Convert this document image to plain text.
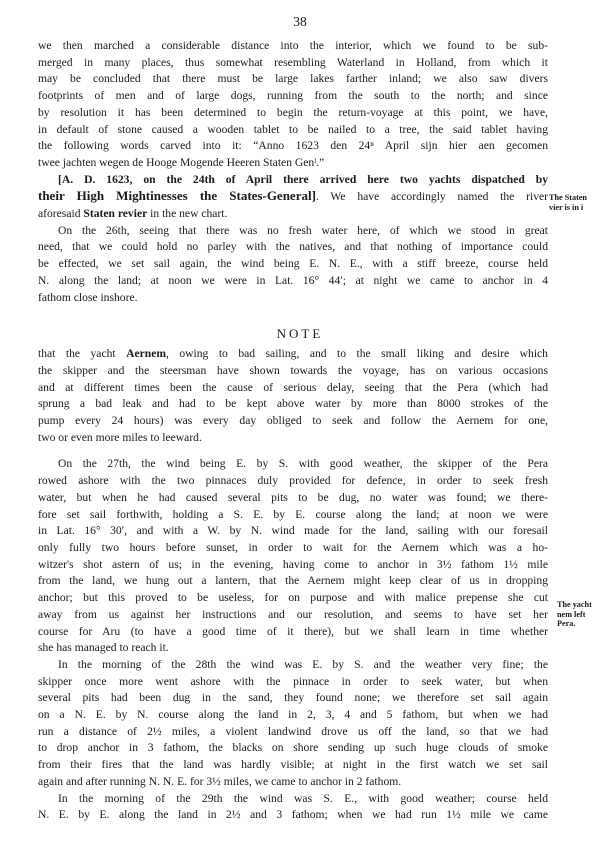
38

we then marched a considerable distance into the interior, which we found to be sub-

merged in many places, thus somewhat resembling Waterland in Holland, from which it

may be concluded that there must be large lakes farther inland; we also saw divers

footprints of men and of large dogs, running from the south to the north; and since

by resolution it has been determined to begin the return-voyage at this point, we have,

in default of stone caused a wooden tablet to be nailed to a tree, the said tablet having

the following words carved into it: “Anno 1623 den 24ⁿ April sijn hier aen gecomen

twee jachten wegen de Hooge Mogende Heeren Staten Genˡ.”

[A. D. 1623, on the 24th of April there arrived here two yachts dispatched by

their High Mightinesses the States-General]. We have accordingly named the river

aforesaid Staten revier in the new chart.

On the 26th, seeing that there was no fresh water here, of which we stood in great

need, that we could hold no parley with the natives, and that nothing of importance could

be effected, we set sail again, the wind being E. N. E., with a stiff breeze, course held

N. along the land; at noon we were in Lat. 16° 44′; at night we came to anchor in 4

fathom close inshore.

that the yacht Aernem, owing to bad sailing, and to the small liking and desire which

the skipper and the steersman have shown towards the voyage, has on various occasions

and at different times been the cause of serious delay, seeing that the Pera (which had

sprung a bad leak and had to be kept above water by more than 8000 strokes of the

pump every 24 hours) was every day obliged to seek and follow the Aernem for one,

two or even more miles to leeward.

On the 27th, the wind being E. by S. with good weather, the skipper of the Pera

rowed ashore with the two pinnaces duly provided for defence, in order to seek fresh

water, but when he had caused several pits to be dug, no water was found; we there-

fore set sail forthwith, holding a S. E. by E. course along the land; at noon we were

in Lat. 16° 30′, and with a W. by N. wind made for the land, sailing with our foresail

only fully two hours before sunset, in order to wait for the Aernem which was a ho-

witzer's shot astern of us; in the evening, having come to anchor in 3½ fathom 1½ mile

from the land, we hung out a lantern, that the Aernem might keep clear of us in dropping

anchor; but this proved to be useless, for on purpose and with malice prepense she cut

away from us against her instructions and our resolution, and seems to have set her

course for Aru (to have a good time of it there), but we shall learn in time whether

she has managed to reach it.

In the morning of the 28th the wind was E. by S. and the weather very fine; the

skipper once more went ashore with the pinnace in order to seek water, but when

several pits had been dug in the sand, they found none; we therefore set sail again

on a N. E. by N. course along the land in 2, 3, 4 and 5 fathom, but when we had

run a distance of 2½ miles, a violent landwind drove us off the land, so that we had

to drop anchor in 3 fathom, the blacks on shore sending up such huge clouds of smoke

from their fires that the land was hardly visible; at night in the first watch we set sail

again and after running N. N. E. for 3½ miles, we came to anchor in 2 fathom.

In the morning of the 29th the wind was S. E., with good weather; course held

N. E. by E. along the land in 2½ and 3 fathom; when we had run 1½ mile we came

NOTE
The Staten
vier is in i
The yacht
nem left
Pera.
